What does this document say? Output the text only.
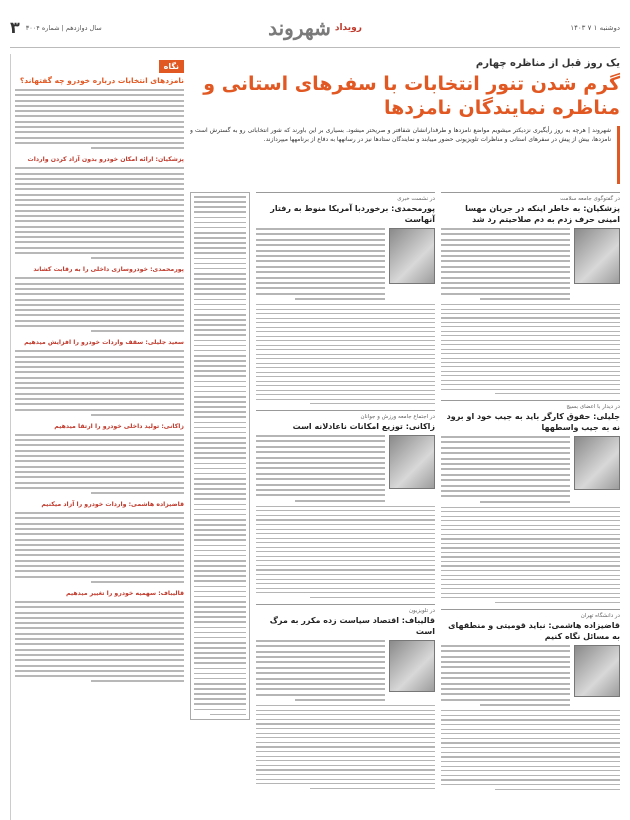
دوشنبه ۱ ۷ ۱۴۰۳
رویداد
شهروند
۳ سال دوازدهم | شماره ۳۰۰۴
یک روز قبل از مناظره چهارم
گرم شدن تنور انتخابات با سفرهای استانی و مناظره نمایندگان نامزدها
شهروند | هرچه به روز رأیگیری نزدیکتر میشویم مواضع نامزدها و طرفدارانشان شفافتر و صریحتر میشود. بسیاری بر این باورند که شور انتخاباتی رو به گسترش است و نامزدها، بیش از پیش در سفرهای استانی و مناظرات تلویزیونی حضور مییابند و نمایندگان ستادها نیز در رسانهها به دفاع از برنامهها میپردازند.
در گفتوگوی جامعه سلامت
پزشکیان: به خاطر اینکه در جریان مهسا امینی حرف زدم به دم صلاحیتم رد شد
در دیدار با اعضای بسیج
جلیلی: حقوق کارگر باید به جیب خود او برود نه به جیب واسطهها
در دانشگاه تهران
قاضیزاده هاشمی: نباید قومیتی و منطقهای به مسائل نگاه کنیم
در نشست خبری
پورمحمدی: برخوردبا آمریکا منوط به رفتار آنهاست
در اجتماع جامعه ورزش و جوانان
زاکانی: توزیع امکانات ناعادلانه است
در تلویزیون
قالیباف: اقتصاد سیاست زده مکرر به مرگ است
نگاه
نامزدهای انتخابات درباره خودرو چه گفتهاند؟
پزشکیان: ارائه امکان خودرو بدون آزاد کردن واردات
پورمحمدی: خودروسازی داخلی را به رقابت کشاند
سعید جلیلی: سقف واردات خودرو را افزایش میدهیم
زاکانی: تولید داخلی خودرو را ارتقا میدهیم
قاضیزاده هاشمی: واردات خودرو را آزاد میکنیم
قالیباف: سهمیه خودرو را تغییر میدهیم
